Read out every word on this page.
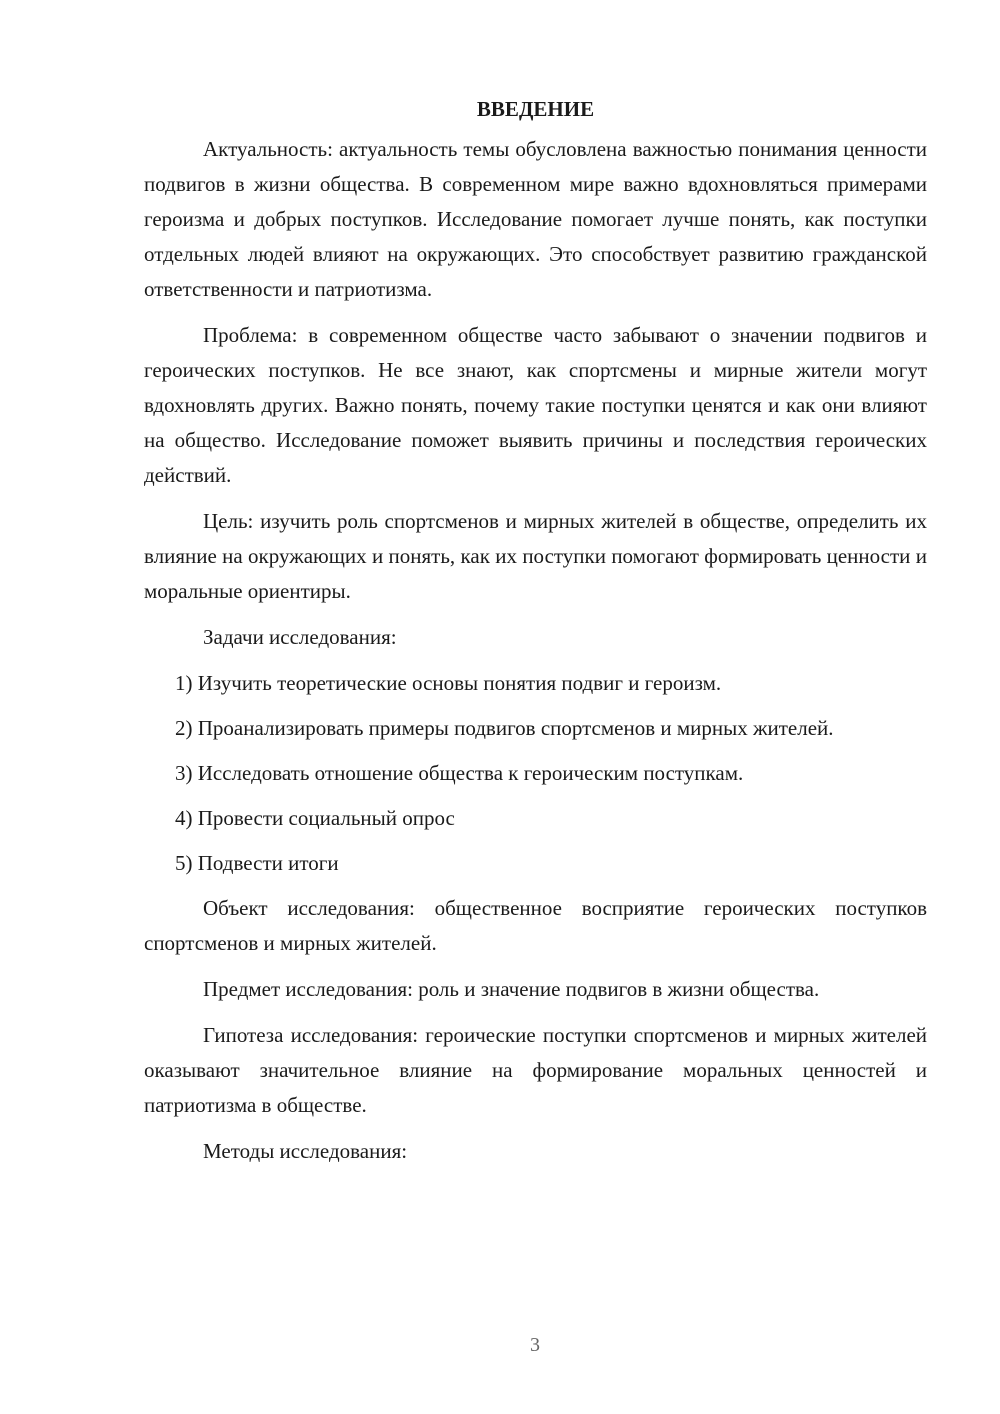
ВВЕДЕНИЕ

Актуальность: актуальность темы обусловлена важностью понимания ценности подвигов в жизни общества. В современном мире важно вдохновляться примерами героизма и добрых поступков. Исследование помогает лучше понять, как поступки отдельных людей влияют на окружающих. Это способствует развитию гражданской ответственности и патриотизма.

Проблема: в современном обществе часто забывают о значении подвигов и героических поступков. Не все знают, как спортсмены и мирные жители могут вдохновлять других. Важно понять, почему такие поступки ценятся и как они влияют на общество. Исследование поможет выявить причины и последствия героических действий.

Цель: изучить роль спортсменов и мирных жителей в обществе, определить их влияние на окружающих и понять, как их поступки помогают формировать ценности и моральные ориентиры.

Задачи исследования:

1) Изучить теоретические основы понятия подвиг и героизм.

2) Проанализировать примеры подвигов спортсменов и мирных жителей.

3) Исследовать отношение общества к героическим поступкам.

4) Провести социальный опрос

5) Подвести итоги

Объект исследования: общественное восприятие героических поступков спортсменов и мирных жителей.

Предмет исследования: роль и значение подвигов в жизни общества.

Гипотеза исследования: героические поступки спортсменов и мирных жителей оказывают значительное влияние на формирование моральных ценностей и патриотизма в обществе.

Методы исследования:

3
